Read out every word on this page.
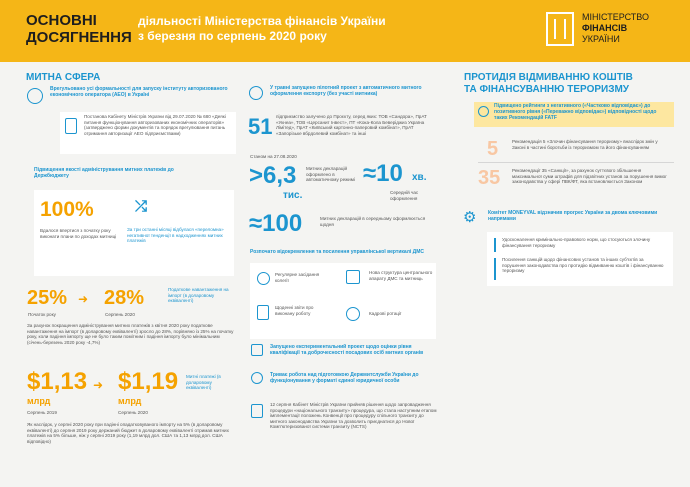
ОСНОВНІ
ДОСЯГНЕННЯ
діяльності Міністерства фінансів України
з березня по серпень 2020 року
МІНІСТЕРСТВО
ФІНАНСІВ
УКРАЇНИ
МИТНА СФЕРА
Врегульовано усі формальності для запуску інституту авторизованого економічного оператора (АЕО) в Україні
Постанова Кабінету Міністрів України від 29.07.2020 № 680 «Деякі питання функціонування авторизованих економічних операторів» (затверджено форми документів та порядок врегулювання питань отримання авторизації АЕО підприємствами)
Підвищення якості адміністрування митних платежів до Держбюджету
100%
Вдалося впертися з початку року виконати плани по доходах митниці
⤮
За три останні місяці відбулася «переломна» негативної тенденції в надходженнях митних платежів
25%
Початок року
➜ 28%
Серпень 2020
Податкове навантаження на імпорт (в доларовому еквіваленті)
За рахунок покращення адміністрування митних платежів з квітня 2020 року податкове навантаження на імпорт (в доларовому еквіваленті) зросло до 28%, порівняно із 25% на початку року, коли падіння імпорту ще не було таким помітним і падіння імпорту було мінімальним (січень-березень 2020 року -4,7%)
$1,13
млрд
Серпень 2019
➜ $1,19
млрд
Серпень 2020
Митні платежі (в доларовому еквіваленті)
Як наслідок, у серпні 2020 року при падінні опадатковуваного імпорту на 5% (в доларовому еквіваленті) до серпня 2019 року держаний бюджет в доларовому еквіваленті отримав митних платежів на 5% більше, ніж у серпні 2019 року (1,19 млрд дол. США та 1,13 млрд дол. США відповідно)
У травні запущено пілотний проект з автоматичного митного оформлення експорту (без участі митника)
51 підприємство залучено до Проєкту, серед яких: ТОВ «Сандора», ПрАТ «Укнеа», ТОВ «Церсанит Інвест», ПТ «Кока-Кола Беверіджиз Україна Лімітед», ПрАТ «Київський картонно-паперовий комбінат», ПрАТ «Запорізьке вбрдолевий комбінат» та інші
Станом на 27.08.2020
>6,3
тис.
Митних декларацій оформлено в автоматичному режимі ≈10 хв.
Середній час оформлення
≈100	Митних декларацій в середньому оформлюється щодня
Розпочато відокремлення та посилення управлінської вертикалі ДМС
Регулярне засідання колегії
Нова структура центрального апарату ДМС та митниць
Щоденні звіти про виконану роботу	Кадрові ротації
Запущено експериментальний проект щодо оцінки рівня кваліфікації та доброчесності посадових осіб митних органів
Триває робота над підготовкою Держмитслужби України до функціонування у форматі єдиної юридичної особи
12 серпня Кабінет Міністрів України прийняв рішення щодо запровадження процедури «національного транзиту» процедура, що стала наступним етапом імплементації положень Конвенції про процедуру спільного транзиту до митного законодавства України та дозволить приєднатися до Нової Комп'ютеризованої системи транзиту (NCTS)
ПРОТИДІЯ ВІДМИВАННЮ КОШТІВ
ТА ФІНАНСУВАННЮ ТЕРОРИЗМУ
Підвищено рейтинги з негативного («Частково відповідає») до позитивного рівня («Переважно відповідає») відповідності щодо таких Рекомендацій FATF
5	Рекомендація 5 «Злочин фінансування тероризму» внаслідок змін у Законі в частині боротьби із тероризмом та його фінансуванням
35	Рекомендації 35 «Санкції», за рахунок суттєвого збільшення максимальної суми штрафів для підзвітних установ за порушення вимог законодавства у сфері ПВК/ФТ, яка встановлюється Законом
⚙ Комітет MONEYVAL відзначив прогрес України за двома ключовими напрямами
Удосконалення кримінально-правового норм, що стосуються злочину фінансування тероризму
Посилення санкцій щодо фінансових установ та інших суб'єктів за порушення законодавства про протидію відмиванню коштів і фінансуванню тероризму
